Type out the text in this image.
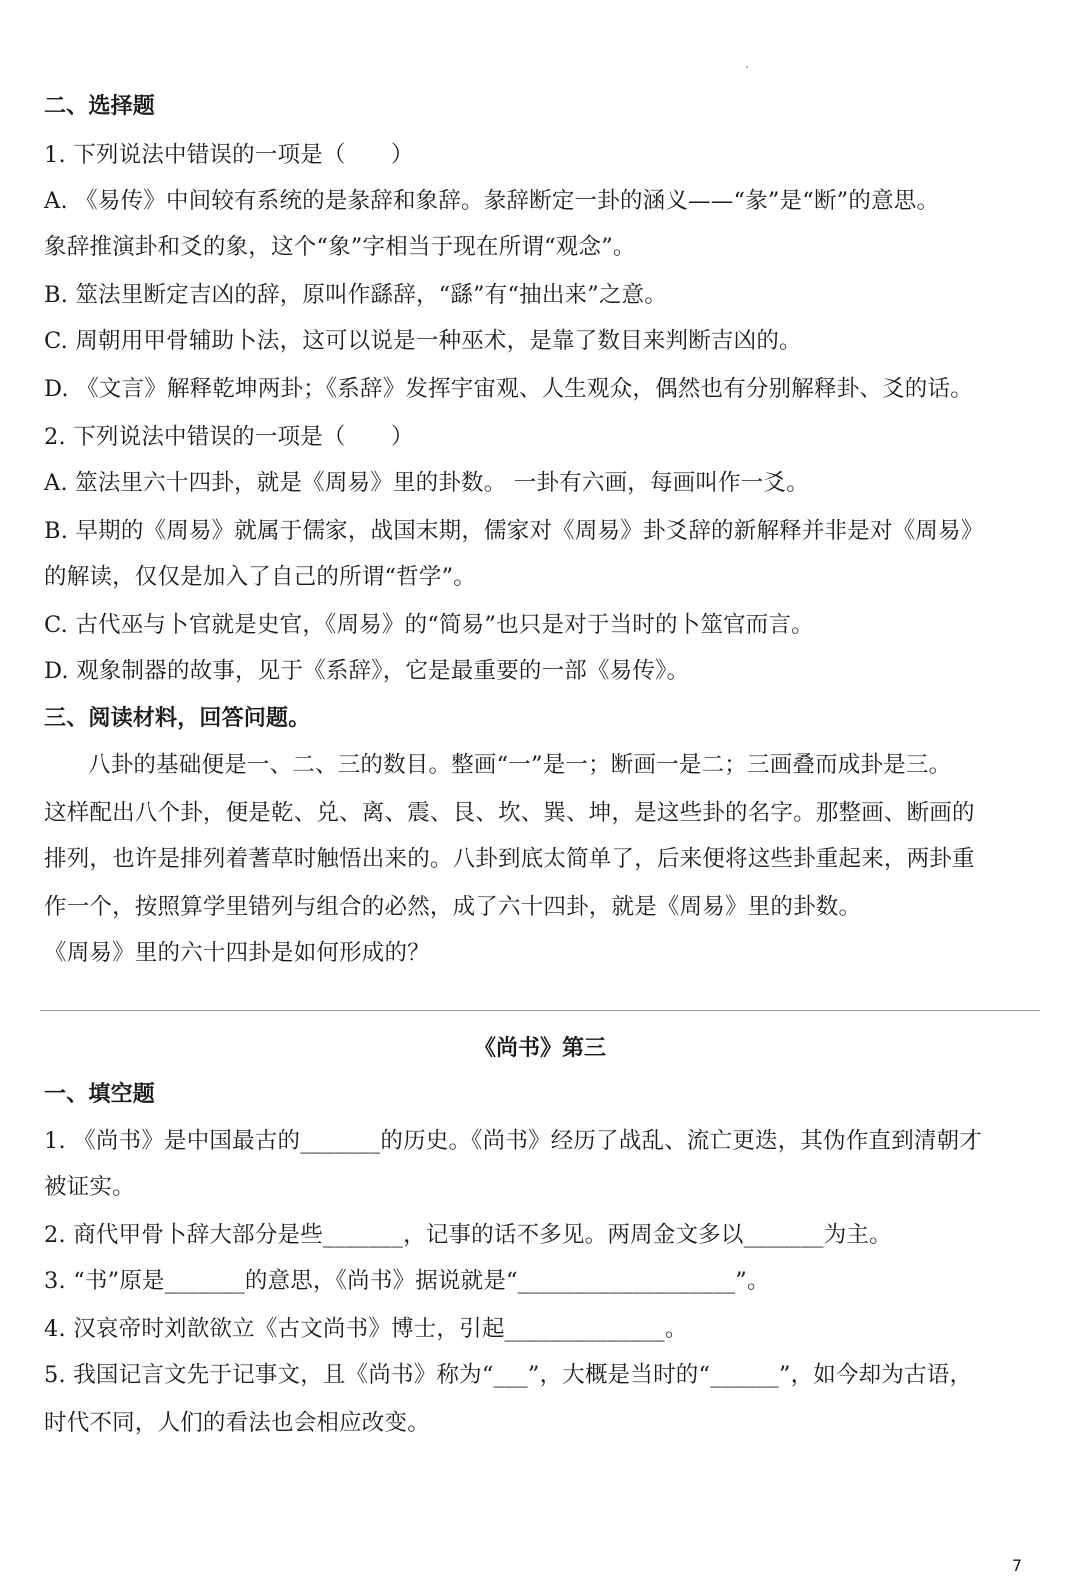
二、选择题
1. 下列说法中错误的一项是（　　）
A. 《易传》中间较有系统的是彖辞和象辞。彖辞断定一卦的涵义——“彖”是“断”的意思。
象辞推演卦和爻的象，这个“象”字相当于现在所谓“观念”。
B. 筮法里断定吉凶的辞，原叫作繇辞，“繇”有“抽出来”之意。
C. 周朝用甲骨辅助卜法，这可以说是一种巫术，是靠了数目来判断吉凶的。
D. 《文言》解释乾坤两卦；《系辞》发挥宇宙观、人生观众，偶然也有分别解释卦、爻的话。
2. 下列说法中错误的一项是（　　）
A. 筮法里六十四卦，就是《周易》里的卦数。 一卦有六画，每画叫作一爻。
B. 早期的《周易》就属于儒家，战国末期，儒家对《周易》卦爻辞的新解释并非是对《周易》
的解读，仅仅是加入了自己的所谓“哲学”。
C. 古代巫与卜官就是史官，《周易》的“简易”也只是对于当时的卜筮官而言。
D. 观象制器的故事，见于《系辞》，它是最重要的一部《易传》。
三、阅读材料，回答问题。
八卦的基础便是一、二、三的数目。整画“一”是一；断画一是二；三画叠而成卦是三。
这样配出八个卦，便是乾、兑、离、震、艮、坎、巽、坤，是这些卦的名字。那整画、断画的
排列，也许是排列着蓍草时触悟出来的。八卦到底太简单了，后来便将这些卦重起来，两卦重
作一个，按照算学里错列与组合的必然，成了六十四卦，就是《周易》里的卦数。
《周易》里的六十四卦是如何形成的？
《尚书》第三
一、填空题
1. 《尚书》是中国最古的_______的历史。《尚书》经历了战乱、流亡更迭，其伪作直到清朝才
被证实。
2. 商代甲骨卜辞大部分是些_______，记事的话不多见。两周金文多以_______为主。
3. “书”原是_______的意思，《尚书》据说就是“___________________”。
4. 汉哀帝时刘歆欲立《古文尚书》博士，引起______________。
5. 我国记言文先于记事文，且《尚书》称为“___”，大概是当时的“______”，如今却为古语，
时代不同，人们的看法也会相应改变。
7
